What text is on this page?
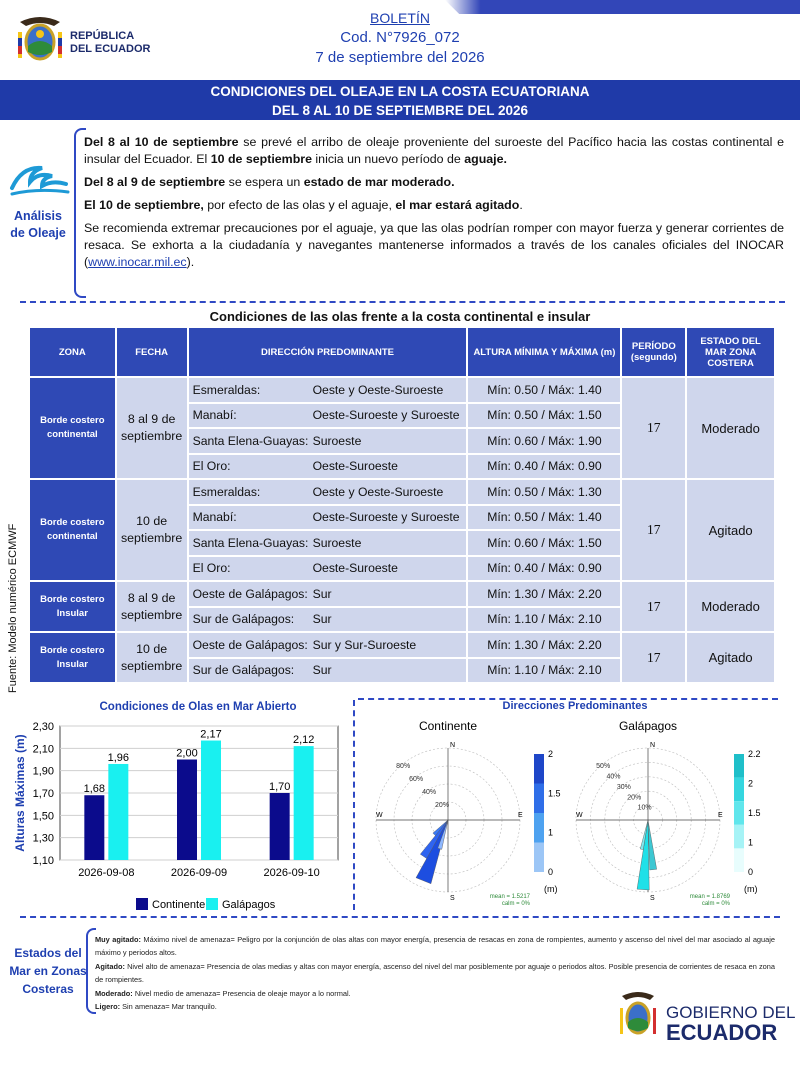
REPÚBLICA
DEL ECUADOR
BOLETÍN
Cod. N°7926_072
7 de septiembre del 2026
CONDICIONES DEL OLEAJE EN LA COSTA ECUATORIANA
DEL 8 AL 10 DE SEPTIEMBRE DEL 2026
Análisis de Oleaje

Del 8 al 10 de septiembre se prevé el arribo de oleaje proveniente del suroeste del Pacífico hacia las costas continental e insular del Ecuador. El 10 de septiembre inicia un nuevo período de aguaje.

Del 8 al 9 de septiembre se espera un estado de mar moderado.

El 10 de septiembre, por efecto de las olas y el aguaje, el mar estará agitado.

Se recomienda extremar precauciones por el aguaje, ya que las olas podrían romper con mayor fuerza y generar corrientes de resaca. Se exhorta a la ciudadanía y navegantes mantenerse informados a través de los canales oficiales del INOCAR (www.inocar.mil.ec).

Condiciones de las olas frente a la costa continental e insular
ZONA	FECHA	DIRECCIÓN PREDOMINANTE	ALTURA MÍNIMA Y MÁXIMA (m)	PERÍODO (segundo)	ESTADO DEL MAR ZONA COSTERA
Borde costero continental	8 al 9 de septiembre	Esmeraldas: Oeste y Oeste-Suroeste	Mín: 0.50 / Máx: 1.40	17	Moderado
		Manabí: Oeste-Suroeste y Suroeste	Mín: 0.50 / Máx: 1.50		
		Santa Elena-Guayas: Suroeste	Mín: 0.60 / Máx: 1.90		
		El Oro: Oeste-Suroeste	Mín: 0.40 / Máx: 0.90		
Borde costero continental	10 de septiembre	Esmeraldas: Oeste y Oeste-Suroeste	Mín: 0.50 / Máx: 1.30	17	Agitado
		Manabí: Oeste-Suroeste y Suroeste	Mín: 0.50 / Máx: 1.40		
		Santa Elena-Guayas: Suroeste	Mín: 0.60 / Máx: 1.50		
		El Oro: Oeste-Suroeste	Mín: 0.40 / Máx: 0.90		
Borde costero Insular	8 al 9 de septiembre	Oeste de Galápagos: Sur	Mín: 1.30 / Máx: 2.20	17	Moderado
		Sur de Galápagos: Sur	Mín: 1.10 / Máx: 2.10		
Borde costero Insular	10 de septiembre	Oeste de Galápagos: Sur y Sur-Suroeste	Mín: 1.30 / Máx: 2.20	17	Agitado
		Sur de Galápagos: Sur	Mín: 1.10 / Máx: 2.10		
Fuente: Modelo numérico ECMWF
Condiciones de Olas en Mar Abierto
1,10
1,30
1,50
1,70
1,90
2,10
2,30
Alturas Máximas (m)	1,68
1,96
2026-09-08
2,00
2,17
2026-09-09
1,70
2,12
2026-09-10
Continente Galápagos
Direcciones Predominantes
Continente
20%
40%
60%
80%
N
S
E
W
0
1
1.5
2
(m)
mean = 1.5217
calm = 0%
Galápagos
10%
20%
30%
40%
50%
N
S
E
W
0
1
1.5
2
2.2
(m)
mean = 1.8769
calm = 0%
Estados del Mar en Zonas Costeras
Muy agitado: Máximo nivel de amenaza= Peligro por la conjunción de olas altas con mayor energía, presencia de resacas en zona de rompientes, aumento y ascenso del nivel del mar asociado al aguaje máximo y periodos altos.
Agitado: Nivel alto de amenaza= Presencia de olas medias y altas con mayor energía, ascenso del nivel del mar posiblemente por aguaje o periodos altos. Posible presencia de corrientes de resaca en zona de rompientes.
Moderado: Nivel medio de amenaza= Presencia de oleaje mayor a lo normal.
Ligero: Sin amenaza= Mar tranquilo.	GOBIERNO DEL
ECUADOR
